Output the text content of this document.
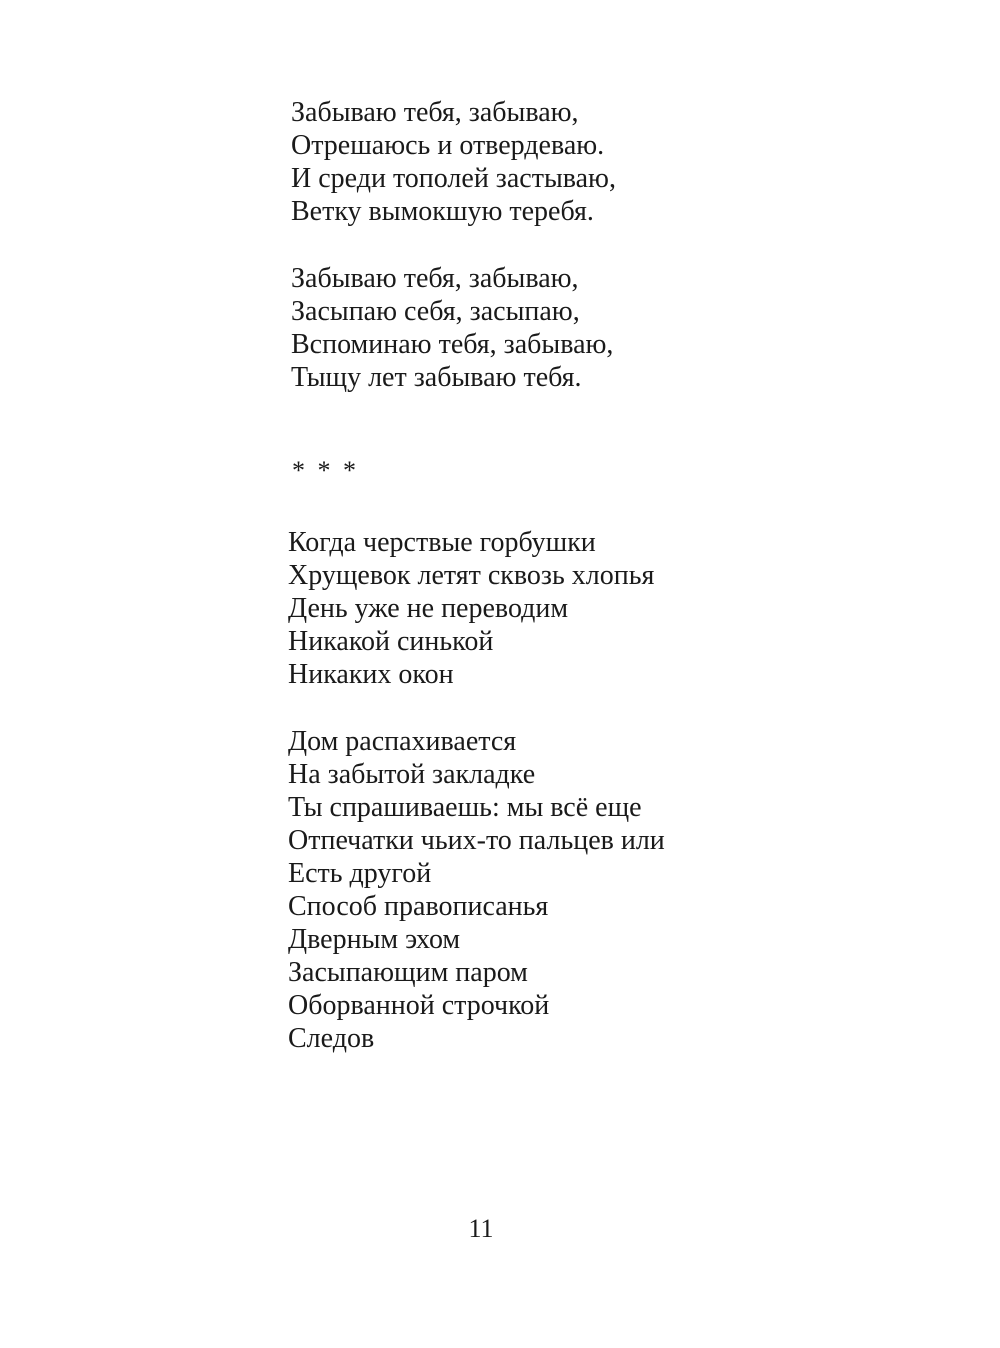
Забываю тебя, забываю,
Отрешаюсь и отвердеваю.
И среди тополей застываю,
Ветку вымокшую теребя.
Забываю тебя, забываю,
Засыпаю себя, засыпаю,
Вспоминаю тебя, забываю,
Тыщу лет забываю тебя.

* * *

Когда черствые горбушки
Хрущевок летят сквозь хлопья
День уже не переводим
Никакой синькой
Никаких окон
Дом распахивается
На забытой закладке
Ты спрашиваешь: мы всё еще
Отпечатки чьих-то пальцев или
Есть другой
Способ правописанья
Дверным эхом
Засыпающим паром
Оборванной строчкой
Следов

11
